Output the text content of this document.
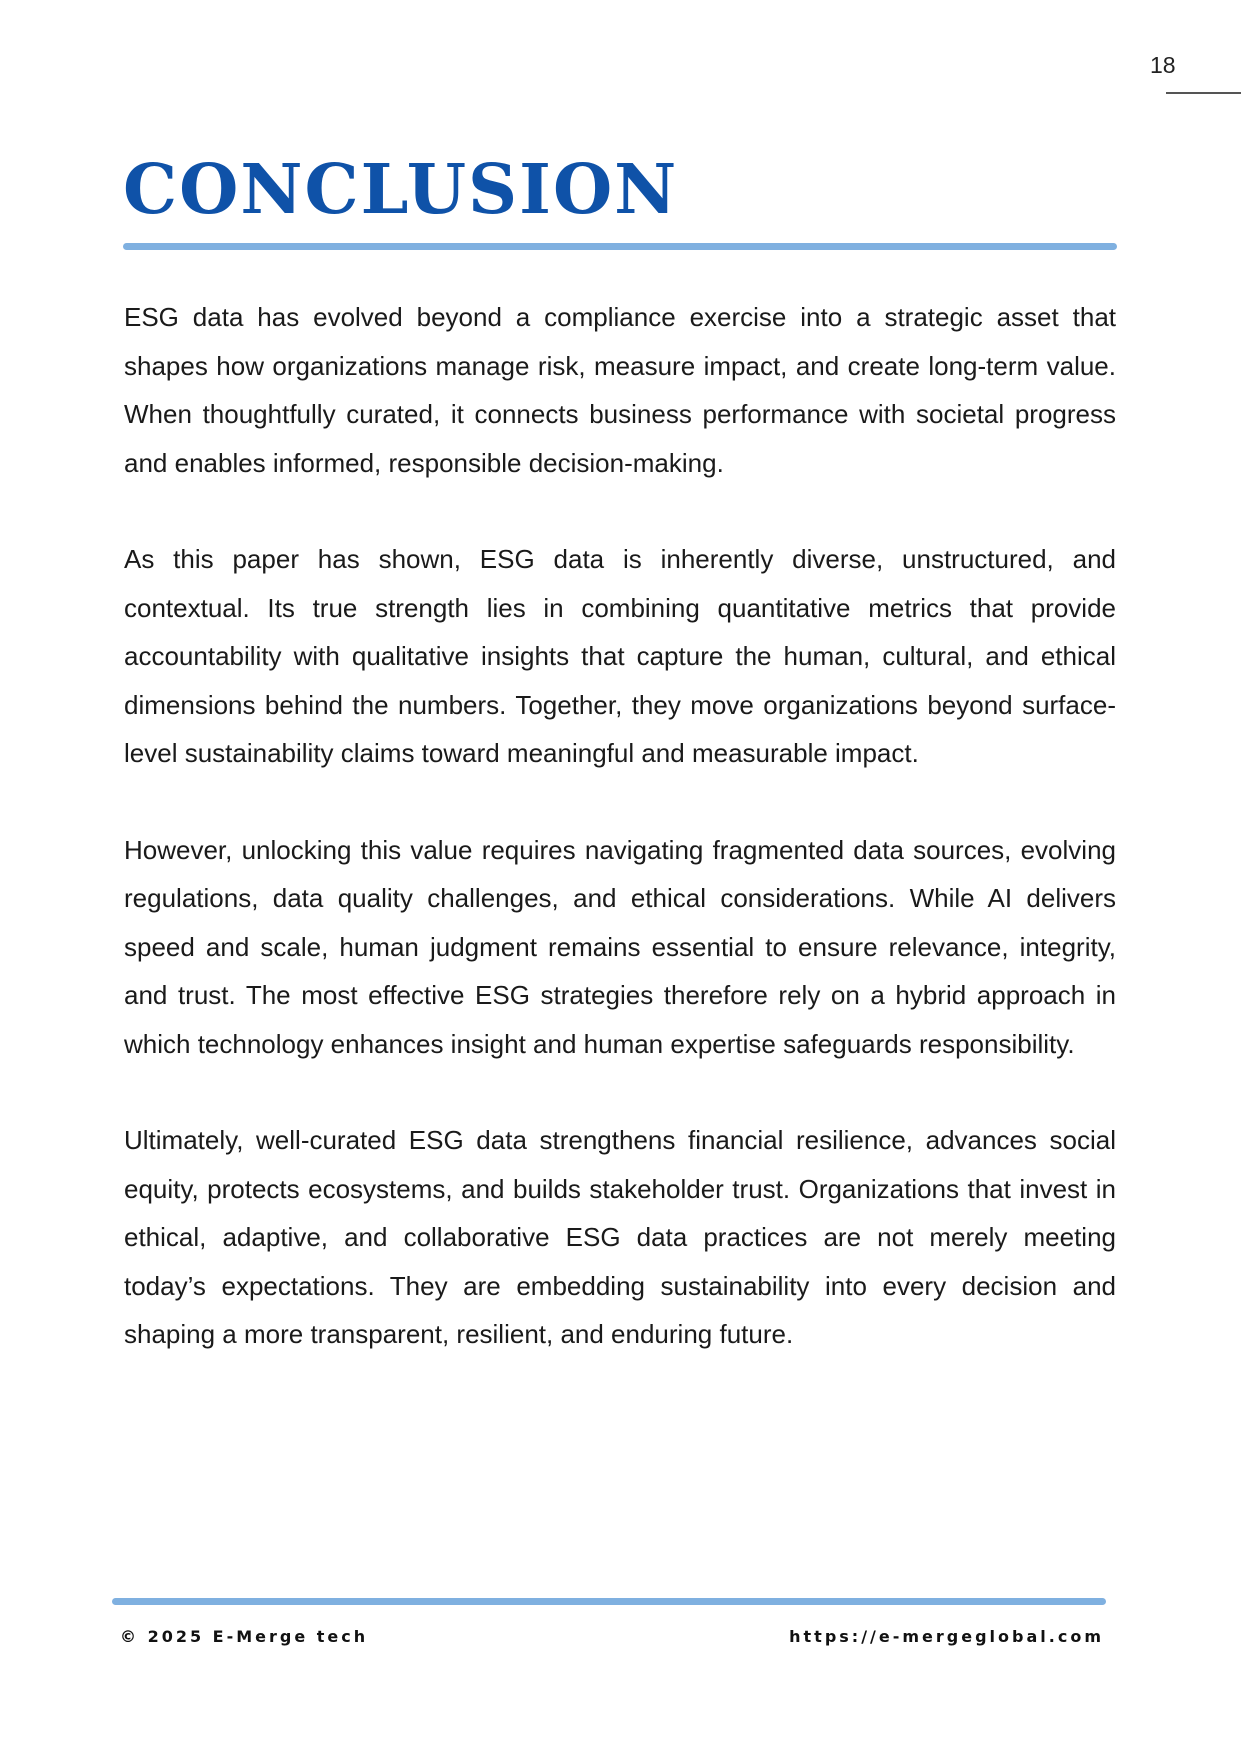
18
CONCLUSION

ESG data has evolved beyond a compliance exercise into a strategic asset that shapes how organizations manage risk, measure impact, and create long-term value. When thoughtfully curated, it connects business performance with societal progress and enables informed, responsible decision-making.

As this paper has shown, ESG data is inherently diverse, unstructured, and contextual. Its true strength lies in combining quantitative metrics that provide accountability with qualitative insights that capture the human, cultural, and ethical dimensions behind the numbers. Together, they move organizations beyond surface-level sustainability claims toward meaningful and measurable impact.

However, unlocking this value requires navigating fragmented data sources, evolving regulations, data quality challenges, and ethical considerations. While AI delivers speed and scale, human judgment remains essential to ensure relevance, integrity, and trust. The most effective ESG strategies therefore rely on a hybrid approach in which technology enhances insight and human expertise safeguards responsibility.

Ultimately, well-curated ESG data strengthens financial resilience, advances social equity, protects ecosystems, and builds stakeholder trust. Organizations that invest in ethical, adaptive, and collaborative ESG data practices are not merely meeting today’s expectations. They are embedding sustainability into every decision and shaping a more transparent, resilient, and enduring future.

© 2025 E-Merge tech	https://e-mergeglobal.com
